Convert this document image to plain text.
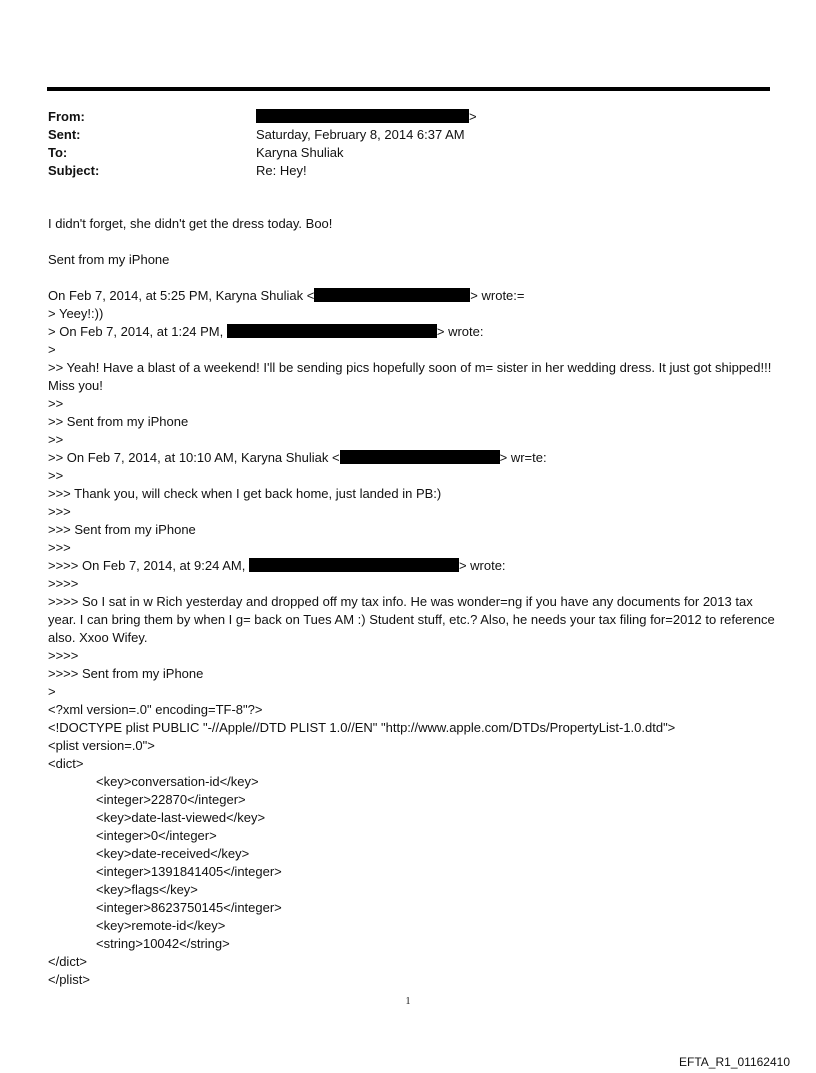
From:	>
Sent:	Saturday, February 8, 2014 6:37 AM
To:	Karyna Shuliak
Subject:	Re: Hey!
I didn't forget, she didn't get the dress today. Boo!
Sent from my iPhone
On Feb 7, 2014, at 5:25 PM, Karyna Shuliak <	> wrote:=
> Yeey!:))
> On Feb 7, 2014, at 1:24 PM,	> wrote:
>
>> Yeah! Have a blast of a weekend! I'll be sending pics hopefully soon of m= sister in her wedding dress. It just got shipped!!! Miss you!
>>
>> Sent from my iPhone
>>
>> On Feb 7, 2014, at 10:10 AM, Karyna Shuliak <	> wr=te:
>>
>>> Thank you, will check when I get back home, just landed in PB:)
>>>
>>> Sent from my iPhone
>>>
>>>> On Feb 7, 2014, at 9:24 AM,	> wrote:
>>>>
>>>> So I sat in w Rich yesterday and dropped off my tax info. He was wonder=ng if you have any documents for 2013 tax year. I can bring them by when I g= back on Tues AM :) Student stuff, etc.? Also, he needs your tax filing for=2012 to reference also. Xxoo Wifey.
>>>>
>>>> Sent from my iPhone
>
<?xml version=.0" encoding=TF-8"?>
<!DOCTYPE plist PUBLIC "-//Apple//DTD PLIST 1.0//EN" "http://www.apple.com/DTDs/PropertyList-1.0.dtd">
<plist version=.0">
<dict>
<key>conversation-id</key>
<integer>22870</integer>
<key>date-last-viewed</key>
<integer>0</integer>
<key>date-received</key>
<integer>1391841405</integer>
<key>flags</key>
<integer>8623750145</integer>
<key>remote-id</key>
<string>10042</string>
</dict>
</plist>
1
EFTA_R1_01162410
